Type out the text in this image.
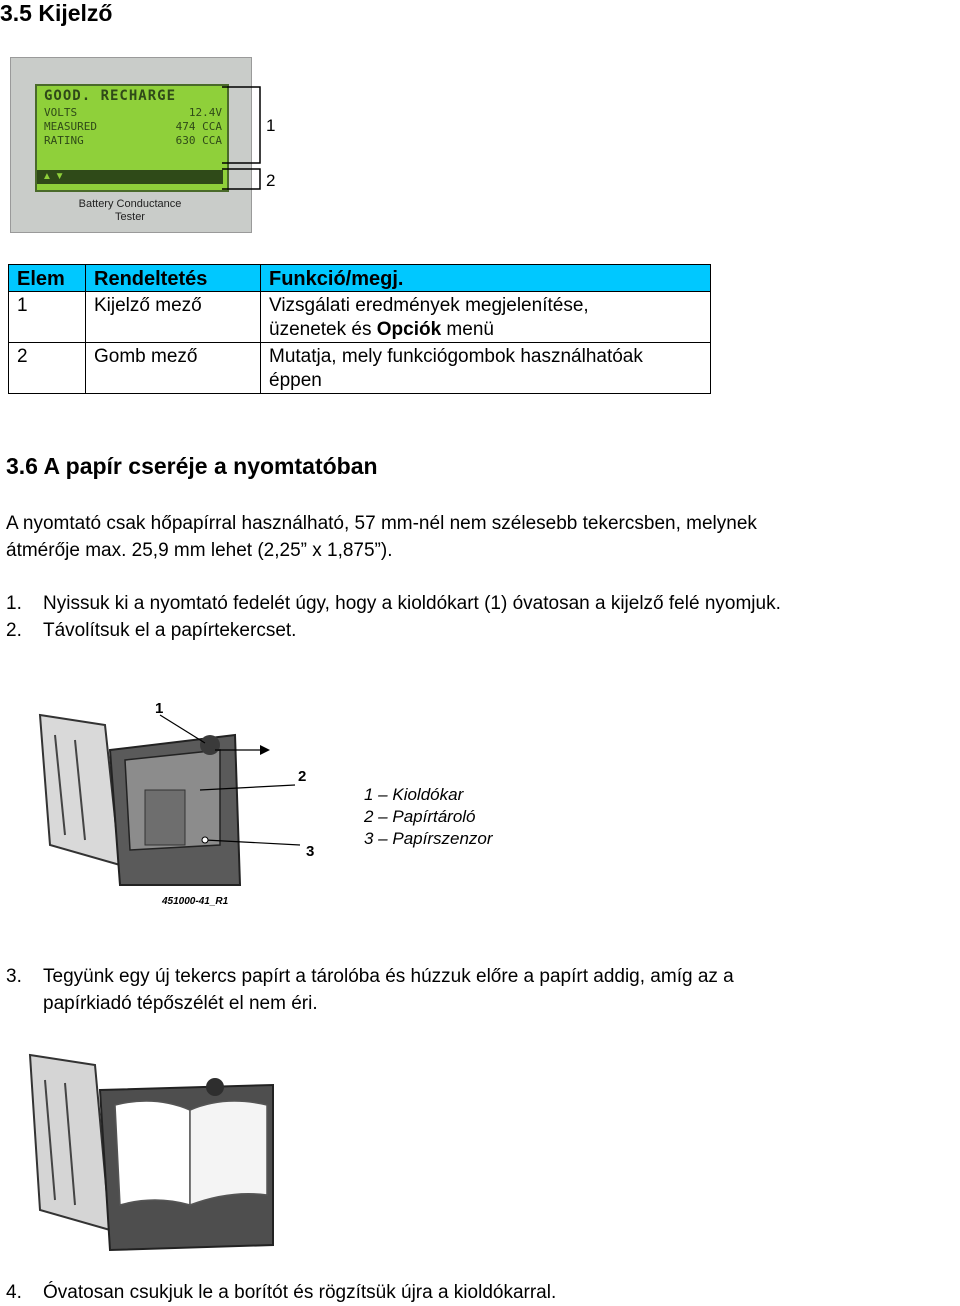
3.5 Kijelző
GOOD. RECHARGE
VOLTS	12.4V
MEASURED	474 CCA
RATING	630 CCA
▲ ▼
Battery Conductance
Tester
1
2
Elem	Rendeltetés	Funkció/megj.
1	Kijelző mező	Vizsgálati eredmények megjelenítése,
üzenetek és Opciók menü

2	Gomb mező	Mutatja, mely funkciógombok használhatóak
éppen
3.6 A papír cseréje a nyomtatóban

A nyomtató csak hőpapírral használható, 57 mm-nél nem szélesebb tekercsben, melynek

átmérője max. 25,9 mm lehet (2,25” x 1,875”).

1. Nyissuk ki a nyomtató fedelét úgy, hogy a kioldókart (1) óvatosan a kijelző felé nyomjuk.
2. Távolítsuk el a papírtekercset.
1
2
3
451000-41_R1
1 – Kioldókar
2 – Papírtároló
3 – Papírszenzor
3. Tegyünk egy új tekercs papírt a tárolóba és húzzuk előre a papírt addig, amíg az a
papírkiadó tépőszélét el nem éri.
4. Óvatosan csukjuk le a borítót és rögzítsük újra a kioldókarral.
